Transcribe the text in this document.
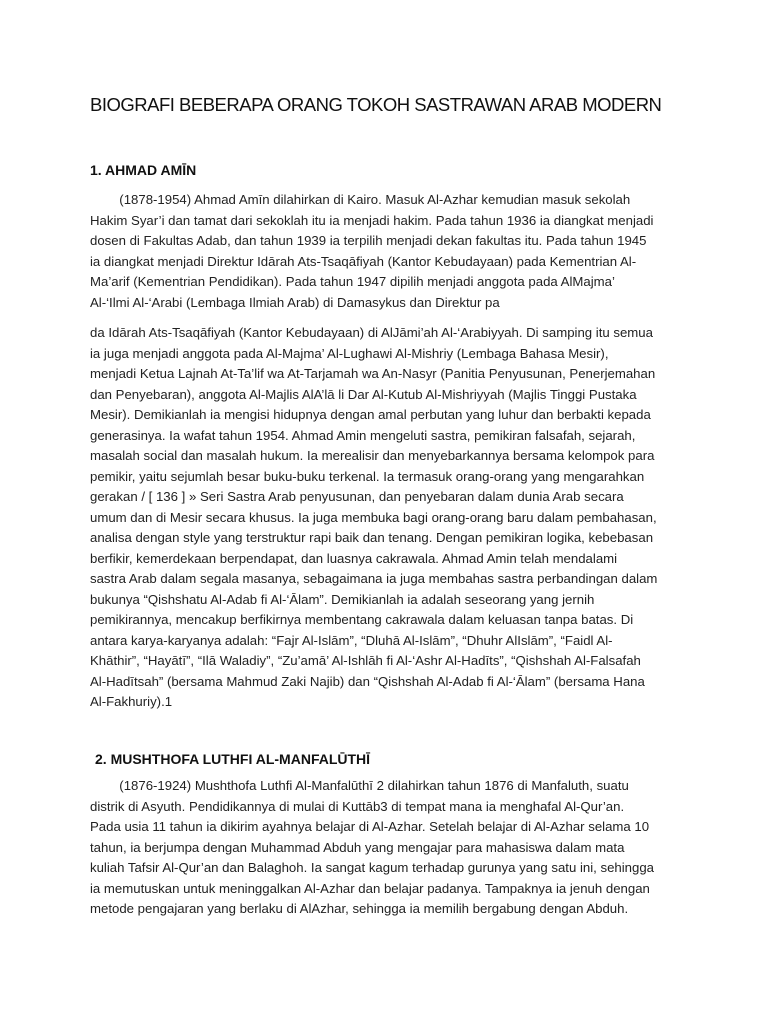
BIOGRAFI BEBERAPA ORANG TOKOH SASTRAWAN ARAB MODERN
1. AHMAD AMĪN

(1878-1954) Ahmad Amīn dilahirkan di Kairo. Masuk Al-Azhar kemudian masuk sekolah
Hakim Syar’i dan tamat dari sekoklah itu ia menjadi hakim. Pada tahun 1936 ia diangkat menjadi
dosen di Fakultas Adab, dan tahun 1939 ia terpilih menjadi dekan fakultas itu. Pada tahun 1945
ia diangkat menjadi Direktur Idārah Ats-Tsaqāfiyah (Kantor Kebudayaan) pada Kementrian Al-
Ma’arif (Kementrian Pendidikan). Pada tahun 1947 dipilih menjadi anggota pada AlMajma’
Al-‘Ilmi Al-‘Arabi (Lembaga Ilmiah Arab) di Damasykus dan Direktur pa

da Idārah Ats-Tsaqāfiyah (Kantor Kebudayaan) di AlJāmi’ah Al-‘Arabiyyah. Di samping itu semua
ia juga menjadi anggota pada Al-Majma’ Al-Lughawi Al-Mishriy (Lembaga Bahasa Mesir),
menjadi Ketua Lajnah At-Ta’lif wa At-Tarjamah wa An-Nasyr (Panitia Penyusunan, Penerjemahan
dan Penyebaran), anggota Al-Majlis AlA’lā li Dar Al-Kutub Al-Mishriyyah (Majlis Tinggi Pustaka
Mesir). Demikianlah ia mengisi hidupnya dengan amal perbutan yang luhur dan berbakti kepada
generasinya. Ia wafat tahun 1954. Ahmad Amin mengeluti sastra, pemikiran falsafah, sejarah,
masalah social dan masalah hukum. Ia merealisir dan menyebarkannya bersama kelompok para
pemikir, yaitu sejumlah besar buku-buku terkenal. Ia termasuk orang-orang yang mengarahkan
gerakan / [ 136 ] » Seri Sastra Arab penyusunan, dan penyebaran dalam dunia Arab secara
umum dan di Mesir secara khusus. Ia juga membuka bagi orang-orang baru dalam pembahasan,
analisa dengan style yang terstruktur rapi baik dan tenang. Dengan pemikiran logika, kebebasan
berfikir, kemerdekaan berpendapat, dan luasnya cakrawala. Ahmad Amin telah mendalami
sastra Arab dalam segala masanya, sebagaimana ia juga membahas sastra perbandingan dalam
bukunya “Qishshatu Al-Adab fi Al-‘Ālam”. Demikianlah ia adalah seseorang yang jernih
pemikirannya, mencakup berfikirnya membentang cakrawala dalam keluasan tanpa batas. Di
antara karya-karyanya adalah: “Fajr Al-Islām”, “Dluhā Al-Islām”, “Dhuhr AlIslām”, “Faidl Al-
Khāthir”, “Hayātī”, “Ilā Waladiy”, “Zu’amā’ Al-Ishlāh fi Al-‘Ashr Al-Hadīts”, “Qishshah Al-Falsafah
Al-Hadītsah” (bersama Mahmud Zaki Najib) dan “Qishshah Al-Adab fi Al-‘Ālam” (bersama Hana
Al-Fakhuriy).1

2. MUSHTHOFA LUTHFI AL-MANFALŪTHĪ

(1876-1924) Mushthofa Luthfi Al-Manfalūthī 2 dilahirkan tahun 1876 di Manfaluth, suatu
distrik di Asyuth. Pendidikannya di mulai di Kuttāb3 di tempat mana ia menghafal Al-Qur’an.
Pada usia 11 tahun ia dikirim ayahnya belajar di Al-Azhar. Setelah belajar di Al-Azhar selama 10
tahun, ia berjumpa dengan Muhammad Abduh yang mengajar para mahasiswa dalam mata
kuliah Tafsir Al-Qur’an dan Balaghoh. Ia sangat kagum terhadap gurunya yang satu ini, sehingga
ia memutuskan untuk meninggalkan Al-Azhar dan belajar padanya. Tampaknya ia jenuh dengan
metode pengajaran yang berlaku di AlAzhar, sehingga ia memilih bergabung dengan Abduh.
